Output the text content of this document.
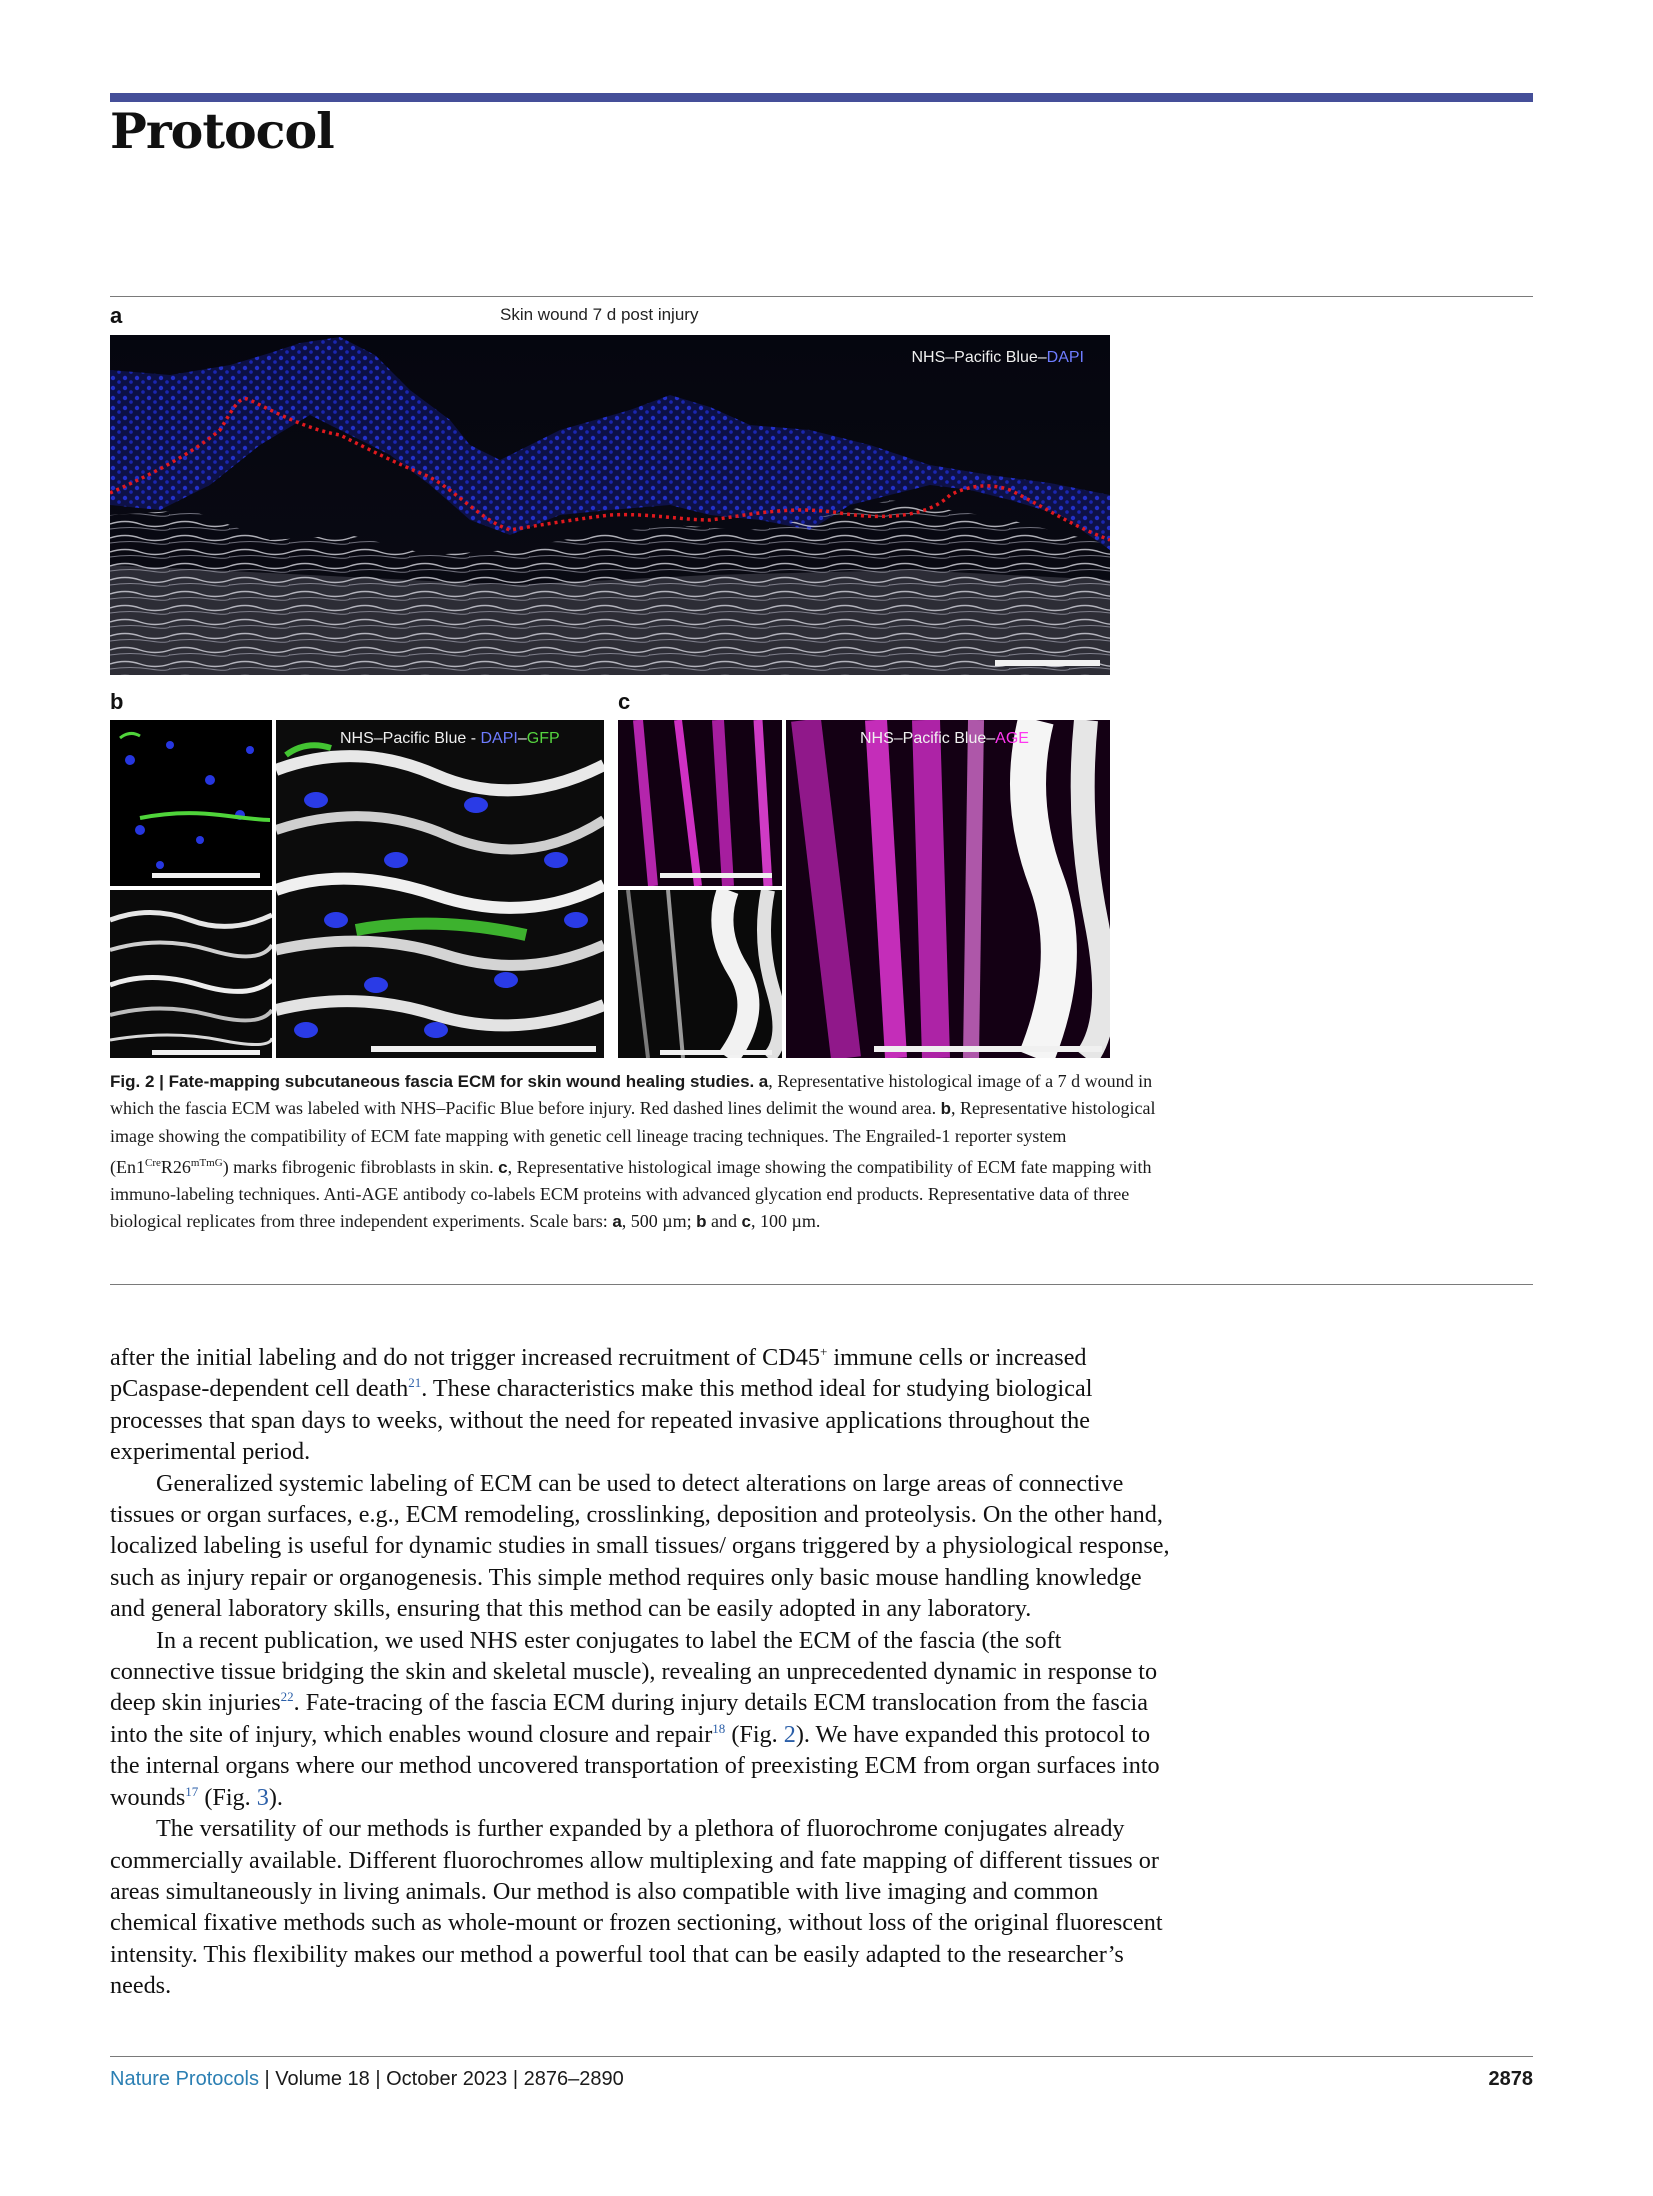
Protocol
a	Skin wound 7 d post injury
NHS–Pacific Blue–DAPI
b
NHS–Pacific Blue - DAPI–GFP
c
NHS–Pacific Blue–AGE
Fig. 2 | Fate-mapping subcutaneous fascia ECM for skin wound healing studies. a, Representative histological image of a 7 d wound in which the fascia ECM was labeled with NHS–Pacific Blue before injury. Red dashed lines delimit the wound area. b, Representative histological image showing the compatibility of ECM fate mapping with genetic cell lineage tracing techniques. The Engrailed-1 reporter system $(En1^{Cre}R26^{mTmG})$ marks fibrogenic fibroblasts in skin. c, Representative histological image showing the compatibility of ECM fate mapping with immuno-labeling techniques. Anti-AGE antibody co-labels ECM proteins with advanced glycation end products. Representative data of three biological replicates from three independent experiments. Scale bars: a, 500 µm; b and c, 100 µm.

after the initial labeling and do not trigger increased recruitment of CD45+ immune cells or increased pCaspase-dependent cell death$^{21}$. These characteristics make this method ideal for studying biological processes that span days to weeks, without the need for repeated invasive applications throughout the experimental period.

Generalized systemic labeling of ECM can be used to detect alterations on large areas of connective tissues or organ surfaces, e.g., ECM remodeling, crosslinking, deposition and proteolysis. On the other hand, localized labeling is useful for dynamic studies in small tissues/ organs triggered by a physiological response, such as injury repair or organogenesis. This simple method requires only basic mouse handling knowledge and general laboratory skills, ensuring that this method can be easily adopted in any laboratory.

In a recent publication, we used NHS ester conjugates to label the ECM of the fascia (the soft connective tissue bridging the skin and skeletal muscle), revealing an unprecedented dynamic in response to deep skin injuries$^{22}$. Fate-tracing of the fascia ECM during injury details ECM translocation from the fascia into the site of injury, which enables wound closure and repair$^{18}$ (Fig. 2). We have expanded this protocol to the internal organs where our method uncovered transportation of preexisting ECM from organ surfaces into wounds$^{17}$ (Fig. 3).

The versatility of our methods is further expanded by a plethora of fluorochrome conjugates already commercially available. Different fluorochromes allow multiplexing and fate mapping of different tissues or areas simultaneously in living animals. Our method is also compatible with live imaging and common chemical fixative methods such as whole-mount or frozen sectioning, without loss of the original fluorescent intensity. This flexibility makes our method a powerful tool that can be easily adapted to the researcher’s needs.

Nature Protocols | Volume 18 | October 2023 | 2876–2890	2878
